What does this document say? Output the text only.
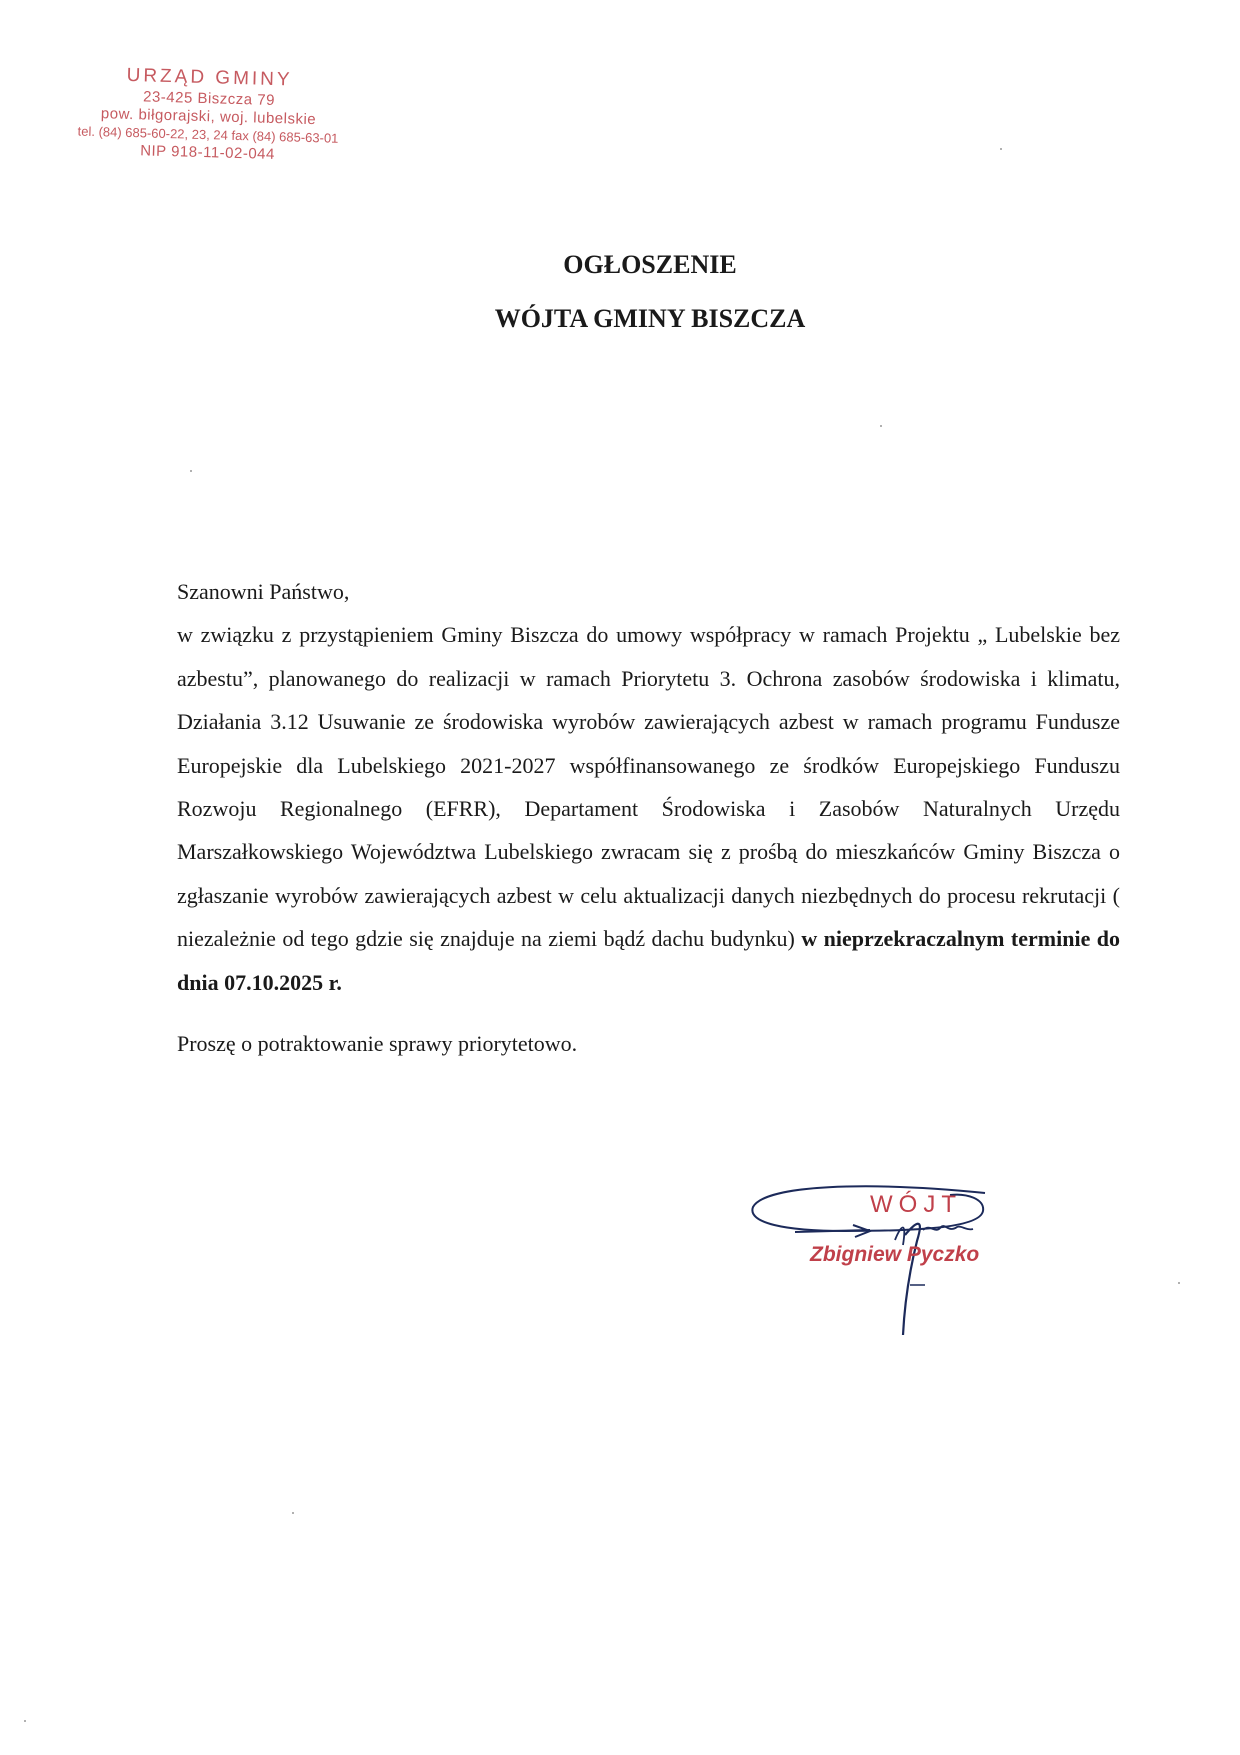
URZĄD GMINY
23-425 Biszcza 79
pow. biłgorajski, woj. lubelskie
tel. (84) 685-60-22, 23, 24 fax (84) 685-63-01
NIP 918-11-02-044
OGŁOSZENIE
WÓJTA GMINY BISZCZA

Szanowni Państwo,

w związku z przystąpieniem Gminy Biszcza do umowy współpracy w ramach Projektu „ Lubelskie bez azbestu”, planowanego do realizacji w ramach Priorytetu 3. Ochrona zasobów środowiska i klimatu, Działania 3.12 Usuwanie ze środowiska wyrobów zawierających azbest w ramach programu Fundusze Europejskie dla Lubelskiego 2021-2027 współfinansowanego ze środków Europejskiego Funduszu Rozwoju Regionalnego (EFRR), Departament Środowiska i Zasobów Naturalnych Urzędu Marszałkowskiego Województwa Lubelskiego zwracam się z prośbą do mieszkańców Gminy Biszcza o zgłaszanie wyrobów zawierających azbest w celu aktualizacji danych niezbędnych do procesu rekrutacji ( niezależnie od tego gdzie się znajduje na ziemi bądź dachu budynku) w nieprzekraczalnym terminie do dnia 07.10.2025 r.

Proszę o potraktowanie sprawy priorytetowo.

WÓJT
Zbigniew Pyczko
